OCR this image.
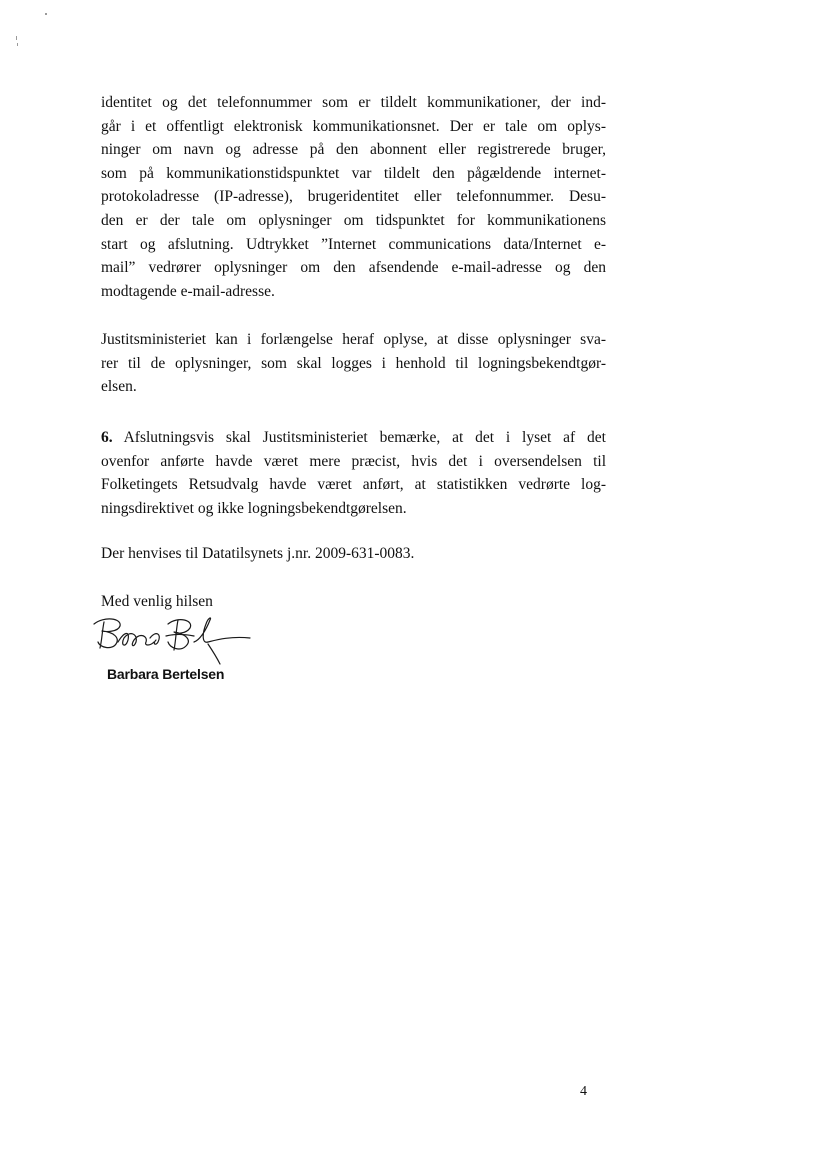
identitet og det telefonnummer som er tildelt kommunikationer, der ind-
går i et offentligt elektronisk kommunikationsnet. Der er tale om oplys-
ninger om navn og adresse på den abonnent eller registrerede bruger,
som på kommunikationstidspunktet var tildelt den pågældende internet-
protokoladresse (IP-adresse), brugeridentitet eller telefonnummer. Desu-
den er der tale om oplysninger om tidspunktet for kommunikationens
start og afslutning. Udtrykket ”Internet communications data/Internet e-
mail” vedrører oplysninger om den afsendende e-mail-adresse og den
modtagende e-mail-adresse.
Justitsministeriet kan i forlængelse heraf oplyse, at disse oplysninger sva-
rer til de oplysninger, som skal logges i henhold til logningsbekendtgør-
elsen.
6. Afslutningsvis skal Justitsministeriet bemærke, at det i lyset af det
ovenfor anførte havde været mere præcist, hvis det i oversendelsen til
Folketingets Retsudvalg havde været anført, at statistikken vedrørte log-
ningsdirektivet og ikke logningsbekendtgørelsen.
Der henvises til Datatilsynets j.nr. 2009-631-0083.
Med venlig hilsen
Barbara Bertelsen
4
